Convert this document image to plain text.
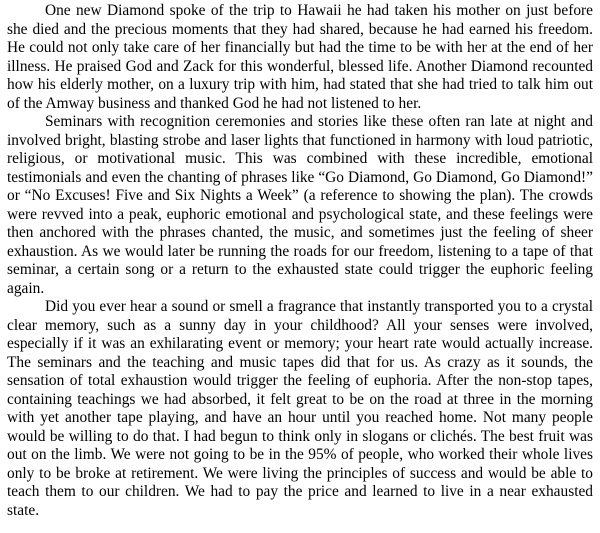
One new Diamond spoke of the trip to Hawaii he had taken his mother on just before she died and the precious moments that they had shared, because he had earned his freedom. He could not only take care of her financially but had the time to be with her at the end of her illness. He praised God and Zack for this wonderful, blessed life. Another Diamond recounted how his elderly mother, on a luxury trip with him, had stated that she had tried to talk him out of the Amway business and thanked God he had not listened to her.

Seminars with recognition ceremonies and stories like these often ran late at night and involved bright, blasting strobe and laser lights that functioned in harmony with loud patriotic, religious, or motivational music. This was combined with these incredible, emotional testimonials and even the chanting of phrases like “Go Diamond, Go Diamond, Go Diamond!” or “No Excuses! Five and Six Nights a Week” (a reference to showing the plan). The crowds were revved into a peak, euphoric emotional and psychological state, and these feelings were then anchored with the phrases chanted, the music, and sometimes just the feeling of sheer exhaustion. As we would later be running the roads for our freedom, listening to a tape of that seminar, a certain song or a return to the exhausted state could trigger the euphoric feeling again.

Did you ever hear a sound or smell a fragrance that instantly transported you to a crystal clear memory, such as a sunny day in your childhood? All your senses were involved, especially if it was an exhilarating event or memory; your heart rate would actually increase. The seminars and the teaching and music tapes did that for us. As crazy as it sounds, the sensation of total exhaustion would trigger the feeling of euphoria. After the non-stop tapes, containing teachings we had absorbed, it felt great to be on the road at three in the morning with yet another tape playing, and have an hour until you reached home. Not many people would be willing to do that. I had begun to think only in slogans or clichés. The best fruit was out on the limb. We were not going to be in the 95% of people, who worked their whole lives only to be broke at retirement. We were living the principles of success and would be able to teach them to our children. We had to pay the price and learned to live in a near exhausted state.
